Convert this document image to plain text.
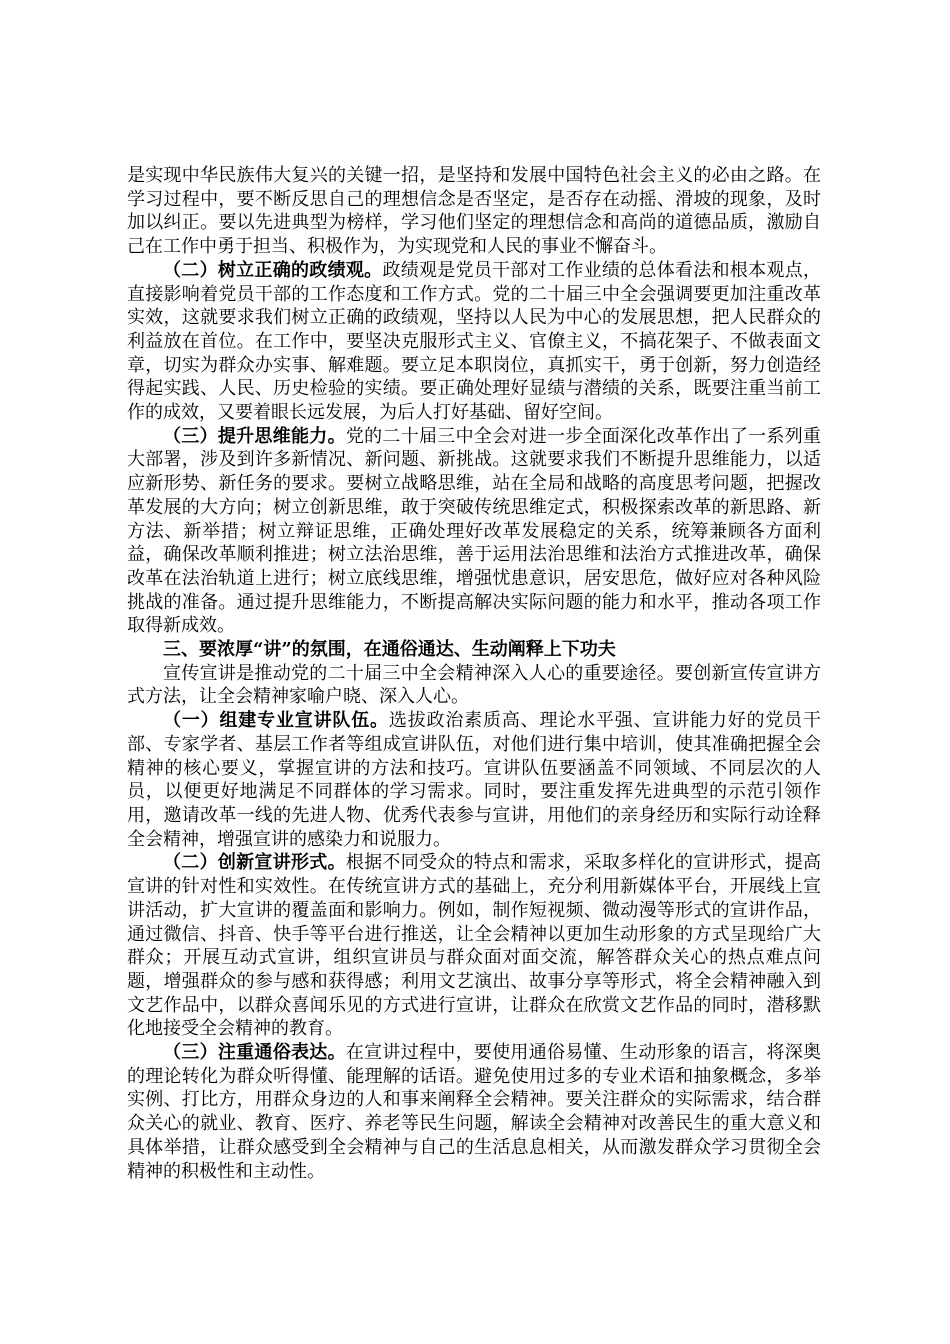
是实现中华民族伟大复兴的关键一招，是坚持和发展中国特色社会主义的必由之路。在学习过程中，要不断反思自己的理想信念是否坚定，是否存在动摇、滑坡的现象，及时加以纠正。要以先进典型为榜样，学习他们坚定的理想信念和高尚的道德品质，激励自己在工作中勇于担当、积极作为，为实现党和人民的事业不懈奋斗。

（二）树立正确的政绩观。政绩观是党员干部对工作业绩的总体看法和根本观点，直接影响着党员干部的工作态度和工作方式。党的二十届三中全会强调要更加注重改革实效，这就要求我们树立正确的政绩观，坚持以人民为中心的发展思想，把人民群众的利益放在首位。在工作中，要坚决克服形式主义、官僚主义，不搞花架子、不做表面文章，切实为群众办实事、解难题。要立足本职岗位，真抓实干，勇于创新，努力创造经得起实践、人民、历史检验的实绩。要正确处理好显绩与潜绩的关系，既要注重当前工作的成效，又要着眼长远发展，为后人打好基础、留好空间。

（三）提升思维能力。党的二十届三中全会对进一步全面深化改革作出了一系列重大部署，涉及到许多新情况、新问题、新挑战。这就要求我们不断提升思维能力，以适应新形势、新任务的要求。要树立战略思维，站在全局和战略的高度思考问题，把握改革发展的大方向；树立创新思维，敢于突破传统思维定式，积极探索改革的新思路、新方法、新举措；树立辩证思维，正确处理好改革发展稳定的关系，统筹兼顾各方面利益，确保改革顺利推进；树立法治思维，善于运用法治思维和法治方式推进改革，确保改革在法治轨道上进行；树立底线思维，增强忧患意识，居安思危，做好应对各种风险挑战的准备。通过提升思维能力，不断提高解决实际问题的能力和水平，推动各项工作取得新成效。

三、要浓厚“讲”的氛围，在通俗通达、生动阐释上下功夫

宣传宣讲是推动党的二十届三中全会精神深入人心的重要途径。要创新宣传宣讲方式方法，让全会精神家喻户晓、深入人心。

（一）组建专业宣讲队伍。选拔政治素质高、理论水平强、宣讲能力好的党员干部、专家学者、基层工作者等组成宣讲队伍，对他们进行集中培训，使其准确把握全会精神的核心要义，掌握宣讲的方法和技巧。宣讲队伍要涵盖不同领域、不同层次的人员，以便更好地满足不同群体的学习需求。同时，要注重发挥先进典型的示范引领作用，邀请改革一线的先进人物、优秀代表参与宣讲，用他们的亲身经历和实际行动诠释全会精神，增强宣讲的感染力和说服力。

（二）创新宣讲形式。根据不同受众的特点和需求，采取多样化的宣讲形式，提高宣讲的针对性和实效性。在传统宣讲方式的基础上，充分利用新媒体平台，开展线上宣讲活动，扩大宣讲的覆盖面和影响力。例如，制作短视频、微动漫等形式的宣讲作品，通过微信、抖音、快手等平台进行推送，让全会精神以更加生动形象的方式呈现给广大群众；开展互动式宣讲，组织宣讲员与群众面对面交流，解答群众关心的热点难点问题，增强群众的参与感和获得感；利用文艺演出、故事分享等形式，将全会精神融入到文艺作品中，以群众喜闻乐见的方式进行宣讲，让群众在欣赏文艺作品的同时，潜移默化地接受全会精神的教育。

（三）注重通俗表达。在宣讲过程中，要使用通俗易懂、生动形象的语言，将深奥的理论转化为群众听得懂、能理解的话语。避免使用过多的专业术语和抽象概念，多举实例、打比方，用群众身边的人和事来阐释全会精神。要关注群众的实际需求，结合群众关心的就业、教育、医疗、养老等民生问题，解读全会精神对改善民生的重大意义和具体举措，让群众感受到全会精神与自己的生活息息相关，从而激发群众学习贯彻全会精神的积极性和主动性。
